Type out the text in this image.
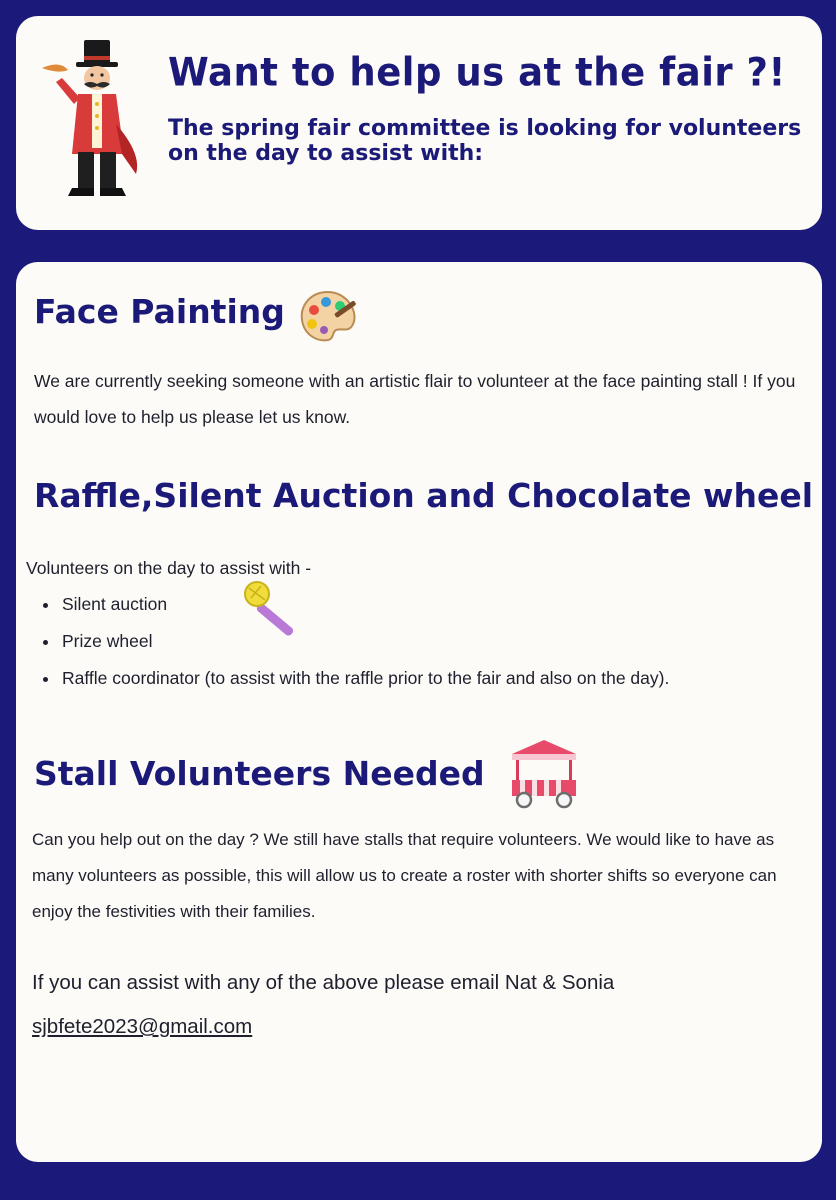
Want to help us at the fair ?!
The spring fair committee is looking for volunteers on the day to assist with:
Face Painting
We are currently seeking someone with an artistic flair to volunteer at the face painting stall ! If you would love to help us please let us know.
Raffle,Silent Auction and Chocolate wheel
Volunteers on the day to assist with -
• Silent auction
• Prize wheel
• Raffle coordinator (to assist with the raffle prior to the fair and also on the day).
Stall Volunteers Needed
Can you help out on the day ? We still have stalls that require volunteers. We would like to have as many volunteers as possible, this will allow us to create a roster with shorter shifts so everyone can enjoy the festivities with their families.
If you can assist with any of the above please email Nat & Sonia
sjbfete2023@gmail.com
